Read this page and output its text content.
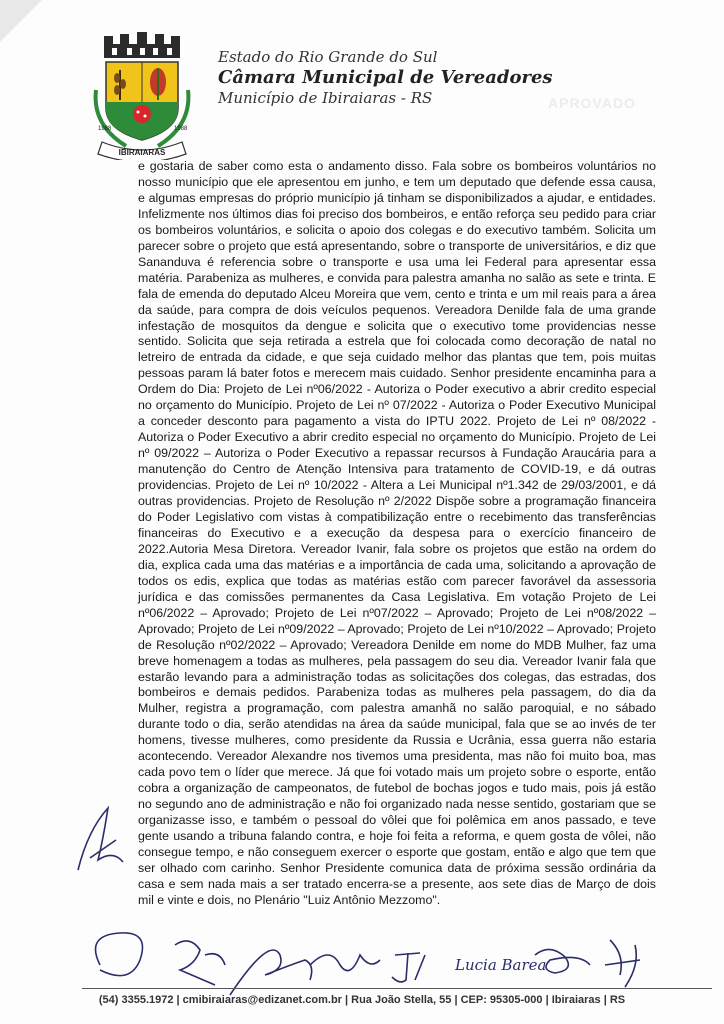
APROVADO
IBIRAIARAS
1988	1988
Estado do Rio Grande do Sul
Câmara Municipal de Vereadores
Município de Ibiraiaras - RS

e gostaria de saber como esta o andamento disso. Fala sobre os bombeiros voluntários no nosso município que ele apresentou em junho, e tem um deputado que defende essa causa, e algumas empresas do próprio município já tinham se disponibilizados a ajudar, e entidades. Infelizmente nos últimos dias foi preciso dos bombeiros, e então reforça seu pedido para criar os bombeiros voluntários, e solicita o apoio dos colegas e do executivo também. Solicita um parecer sobre o projeto que está apresentando, sobre o transporte de universitários, e diz que Sananduva é referencia sobre o transporte e usa uma lei Federal para apresentar essa matéria. Parabeniza as mulheres, e convida para palestra amanha no salão as sete e trinta. E fala de emenda do deputado Alceu Moreira que vem, cento e trinta e um mil reais para a área da saúde, para compra de dois veículos pequenos. Vereadora Denilde fala de uma grande infestação de mosquitos da dengue e solicita que o executivo tome providencias nesse sentido. Solicita que seja retirada a estrela que foi colocada como decoração de natal no letreiro de entrada da cidade, e que seja cuidado melhor das plantas que tem, pois muitas pessoas param lá bater fotos e merecem mais cuidado. Senhor presidente encaminha para a Ordem do Dia: Projeto de Lei nº06/2022 - Autoriza o Poder executivo a abrir credito especial no orçamento do Município. Projeto de Lei nº 07/2022 - Autoriza o Poder Executivo Municipal a conceder desconto para pagamento a vista do IPTU 2022. Projeto de Lei nº 08/2022 - Autoriza o Poder Executivo a abrir credito especial no orçamento do Município. Projeto de Lei nº 09/2022 – Autoriza o Poder Executivo a repassar recursos à Fundação Araucária para a manutenção do Centro de Atenção Intensiva para tratamento de COVID-19, e dá outras providencias. Projeto de Lei nº 10/2022 - Altera a Lei Municipal nº1.342 de 29/03/2001, e dá outras providencias. Projeto de Resolução nº 2/2022 Dispõe sobre a programação financeira do Poder Legislativo com vistas à compatibilização entre o recebimento das transferências financeiras do Executivo e a execução da despesa para o exercício financeiro de 2022.Autoria Mesa Diretora. Vereador Ivanir, fala sobre os projetos que estão na ordem do dia, explica cada uma das matérias e a importância de cada uma, solicitando a aprovação de todos os edis, explica que todas as matérias estão com parecer favorável da assessoria jurídica e das comissões permanentes da Casa Legislativa. Em votação Projeto de Lei nº06/2022 – Aprovado; Projeto de Lei nº07/2022 – Aprovado; Projeto de Lei nº08/2022 – Aprovado; Projeto de Lei nº09/2022 – Aprovado; Projeto de Lei nº10/2022 – Aprovado; Projeto de Resolução nº02/2022 – Aprovado; Vereadora Denilde em nome do MDB Mulher, faz uma breve homenagem a todas as mulheres, pela passagem do seu dia. Vereador Ivanir fala que estarão levando para a administração todas as solicitações dos colegas, das estradas, dos bombeiros e demais pedidos. Parabeniza todas as mulheres pela passagem, do dia da Mulher, registra a programação, com palestra amanhã no salão paroquial, e no sábado durante todo o dia, serão atendidas na área da saúde municipal, fala que se ao invés de ter homens, tivesse mulheres, como presidente da Russia e Ucrânia, essa guerra não estaria acontecendo. Vereador Alexandre nos tivemos uma presidenta, mas não foi muito boa, mas cada povo tem o líder que merece. Já que foi votado mais um projeto sobre o esporte, então cobra a organização de campeonatos, de futebol de bochas jogos e tudo mais, pois já estão no segundo ano de administração e não foi organizado nada nesse sentido, gostariam que se organizasse isso, e também o pessoal do vôlei que foi polêmica em anos passado, e teve gente usando a tribuna falando contra, e hoje foi feita a reforma, e quem gosta de vôlei, não consegue tempo, e não conseguem exercer o esporte que gostam, então e algo que tem que ser olhado com carinho. Senhor Presidente comunica data de próxima sessão ordinária da casa e sem nada mais a ser tratado encerra-se a presente, aos sete dias de Março de dois mil e vinte e dois, no Plenário "Luiz Antônio Mezzomo".

Lucia Barea
(54) 3355.1972 | cmibiraiaras@edizanet.com.br | Rua João Stella, 55 | CEP: 95305-000 | Ibiraiaras | RS
